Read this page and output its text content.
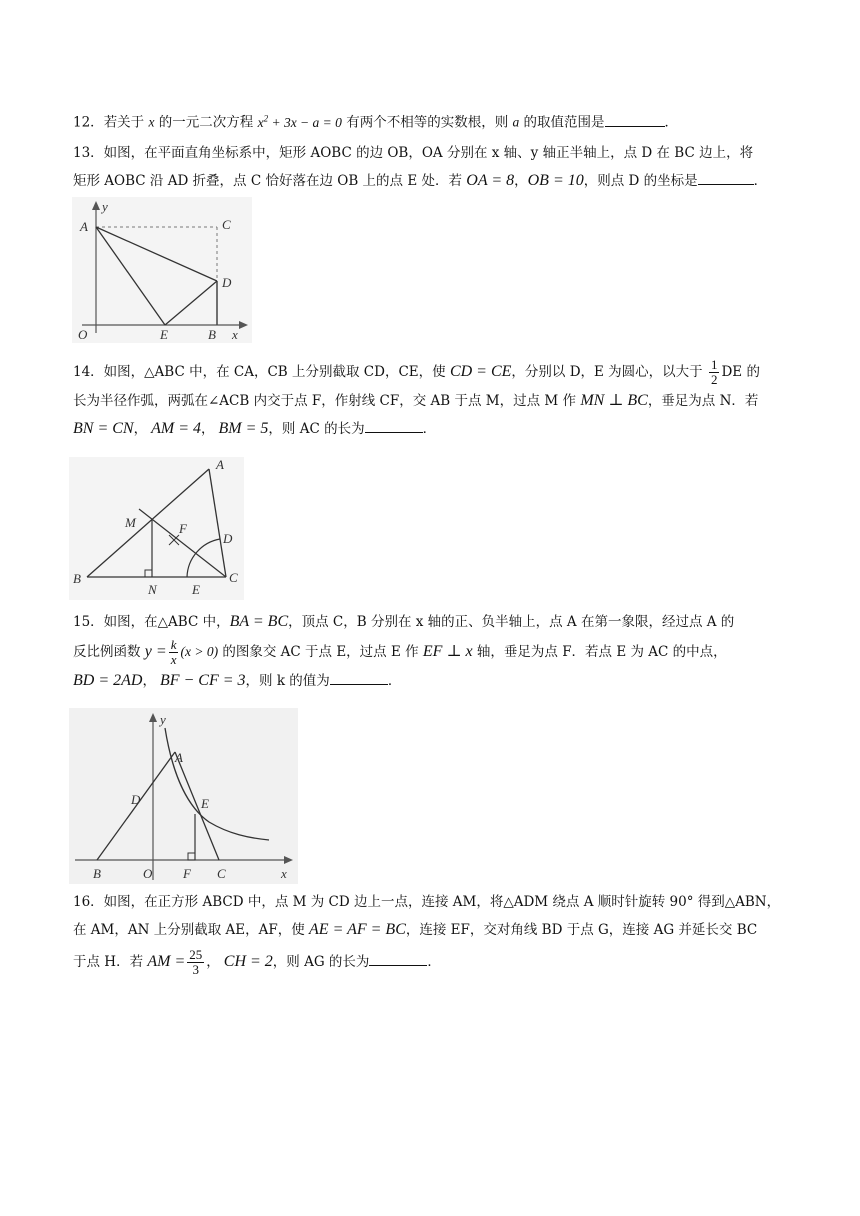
12．若关于 x 的一元二次方程 $x^2 + 3x - a = 0$ 有两个不相等的实数根，则 a 的取值范围是	．
13．如图，在平面直角坐标系中，矩形 AOBC 的边 OB，OA 分别在 x 轴、y 轴正半轴上，点 D 在 BC 边上，将
矩形 AOBC 沿 AD 折叠，点 C 恰好落在边 OB 上的点 E 处．若 OA = 8，OB = 10，则点 D 的坐标是	．
y
A	C
D
O	E	B x
14．如图，△ABC 中，在 CA，CB 上分别截取 CD，CE，使 CD = CE，分别以 D，E 为圆心，以大于 $\frac{1}{2}$ DE 的
长为半径作弧，两弧在∠ACB 内交于点 F，作射线 CF，交 AB 于点 M，过点 M 作 MN ⊥ BC，垂足为点 N．若
BN = CN， AM = 4， BM = 5，则 AC 的长为	．
A
M	F
D
B
N	E
C
15．如图，在△ABC 中，BA = BC，顶点 C，B 分别在 x 轴的正、负半轴上，点 A 在第一象限，经过点 A 的
反比例函数 $y = \frac{k}{x} (x > 0)$ 的图象交 AC 于点 E，过点 E 作 EF ⊥ x 轴，垂足为点 F．若点 E 为 AC 的中点，
BD = 2AD， BF − CF = 3，则 k 的值为	．
y
A
D	E
B	O F C	x
16．如图，在正方形 ABCD 中，点 M 为 CD 边上一点，连接 AM，将△ADM 绕点 A 顺时针旋转 90° 得到△ABN，
在 AM，AN 上分别截取 AE，AF，使 AE = AF = BC，连接 EF，交对角线 BD 于点 G，连接 AG 并延长交 BC
于点 H．若 AM = $\frac{25}{3}$ ， CH = 2，则 AG 的长为	．
